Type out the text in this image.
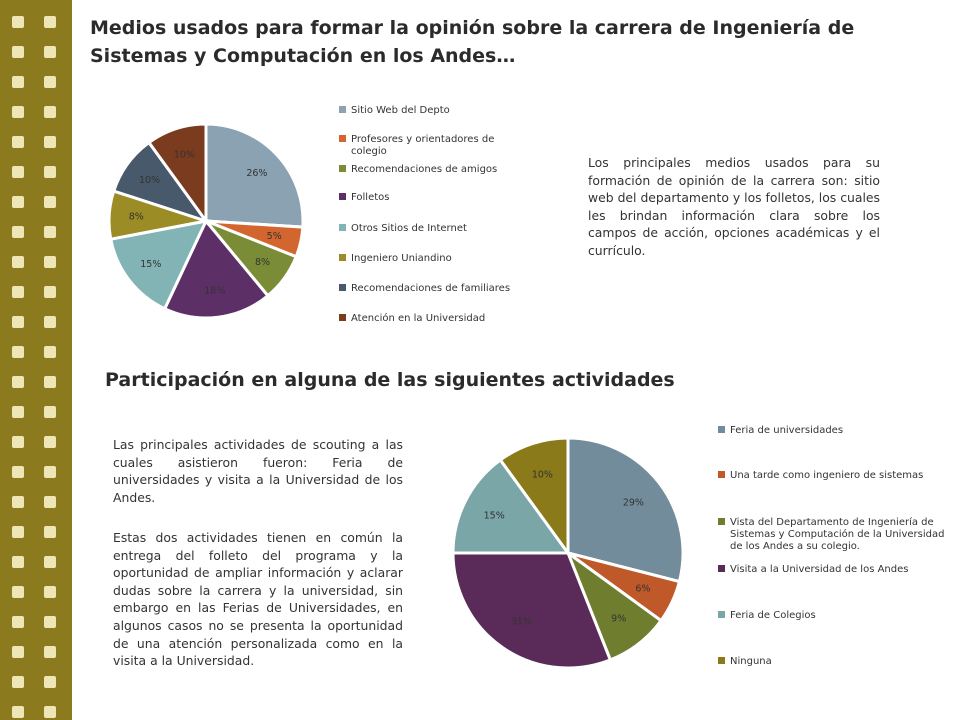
Medios usados para formar la opinión sobre la carrera de Ingeniería de Sistemas y Computación en los Andes…
Los principales medios usados para su formación de opinión de la carrera son: sitio web del departamento y los folletos, los cuales les brindan información clara sobre los campos de acción, opciones académicas y el currículo.
Participación en alguna de las siguientes actividades
Las principales actividades de scouting a las cuales asistieron fueron: Feria de universidades y visita a la Universidad de los Andes.
Estas dos actividades tienen en común la entrega del folleto del programa y la oportunidad de ampliar información y aclarar dudas sobre la carrera y la universidad, sin embargo en las Ferias de Universidades, en algunos casos no se presenta la oportunidad de una atención personalizada como en la visita a la Universidad.
26%
5%
8%
18%
15%
8%
10%
10%
Sitio Web del Depto
Profesores y orientadores de colegio
Recomendaciones de amigos
Folletos
Otros Sitios de Internet
Ingeniero Uniandino
Recomendaciones de familiares
Atención en la Universidad
29%
6%
9%
31%
15%
10%
Feria de universidades
Una tarde como ingeniero de sistemas
Vista del Departamento de Ingeniería de Sistemas y Computación de la Universidad de los Andes a su colegio.
Visita a la Universidad de los Andes
Feria de Colegios
Ninguna
